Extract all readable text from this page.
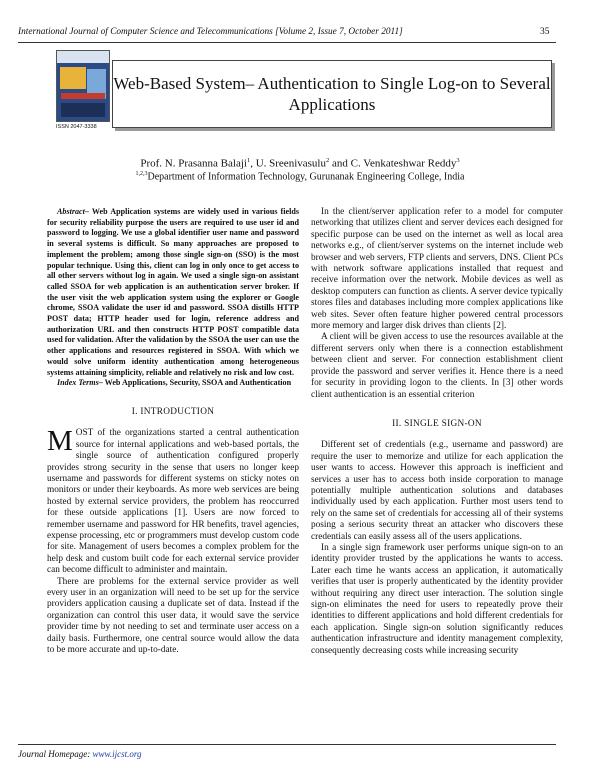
International Journal of Computer Science and Telecommunications [Volume 2, Issue 7, October 2011]	35
ISSN 2047-3338
Web-Based System– Authentication to Single Log-on to Several Applications
Prof. N. Prasanna Balaji$^1$, U. Sreenivasulu$^2$ and C. Venkateshwar Reddy$^3$
$^{1,2,3}$Department of Information Technology, Gurunanak Engineering College, India

Abstract– Web Application systems are widely used in various fields for security reliability purpose the users are required to use user id and password to logging. We use a global identifier user name and password in several systems is difficult. So many approaches are proposed to implement the problem; among those single sign-on (SSO) is the most popular technique. Using this, client can log in only once to get access to all other servers without log in again. We used a single sign-on assistant called SSOA for web application is an authentication server broker. If the user visit the web application system using the explorer or Google chrome, SSOA validate the user id and password. SSOA distills HTTP POST data; HTTP header used for login, reference address and authorization URL and then constructs HTTP POST compatible data used for validation. After the validation by the SSOA the user can use the other applications and resources registered in SSOA. With which we would solve uniform identity authentication among heterogeneous systems attaining simplicity, reliable and relatively no risk and low cost.

Index Terms– Web Applications, Security, SSOA and Authentication

I. INTRODUCTION

MOST of the organizations started a central authentication source for internal applications and web-based portals, the single source of authentication configured properly provides strong security in the sense that users no longer keep username and passwords for different systems on sticky notes on monitors or under their keyboards. As more web services are being hosted by external service providers, the problem has reoccurred for these outside applications [1]. Users are now forced to remember username and password for HR benefits, travel agencies, expense processing, etc or programmers must develop custom code for site. Management of users becomes a complex problem for the help desk and custom built code for each external service provider can become difficult to administer and maintain.

There are problems for the external service provider as well every user in an organization will need to be set up for the service providers application causing a duplicate set of data. Instead if the organization can control this user data, it would save the service provider time by not needing to set and terminate user access on a daily basis. Furthermore, one central source would allow the data to be more accurate and up-to-date.

In the client/server application refer to a model for computer networking that utilizes client and server devices each designed for specific purpose can be used on the internet as well as local area networks e.g., of client/server systems on the internet include web browser and web servers, FTP clients and servers, DNS. Client PCs with network software applications installed that request and receive information over the network. Mobile devices as well as desktop computers can function as clients. A server device typically stores files and databases including more complex applications like web sites. Sever often feature higher powered central processors more memory and larger disk drives than clients [2].

A client will be given access to use the resources available at the different servers only when there is a connection establishment between client and server. For connection establishment client provide the password and server verifies it. Hence there is a need for security in providing logon to the clients. In [3] other words client authentication is an essential criterion

II. SINGLE SIGN-ON

Different set of credentials (e.g., username and password) are require the user to memorize and utilize for each application the user wants to access. However this approach is inefficient and services a user has to access both inside corporation to manage potentially multiple authentication solutions and databases individually used by each application. Further most users tend to rely on the same set of credentials for accessing all of their systems posing a serious security threat an attacker who discovers these credentials can easily assess all of the users applications.

In a single sign framework user performs unique sign-on to an identity provider trusted by the applications he wants to access. Later each time he wants access an application, it automatically verifies that user is properly authenticated by the identity provider without requiring any direct user interaction. The solution single sign-on eliminates the need for users to repeatedly prove their identities to different applications and hold different credentials for each application. Single sign-on solution significantly reduces authentication infrastructure and identity management complexity, consequently decreasing costs while increasing security

Journal Homepage: www.ijcst.org
